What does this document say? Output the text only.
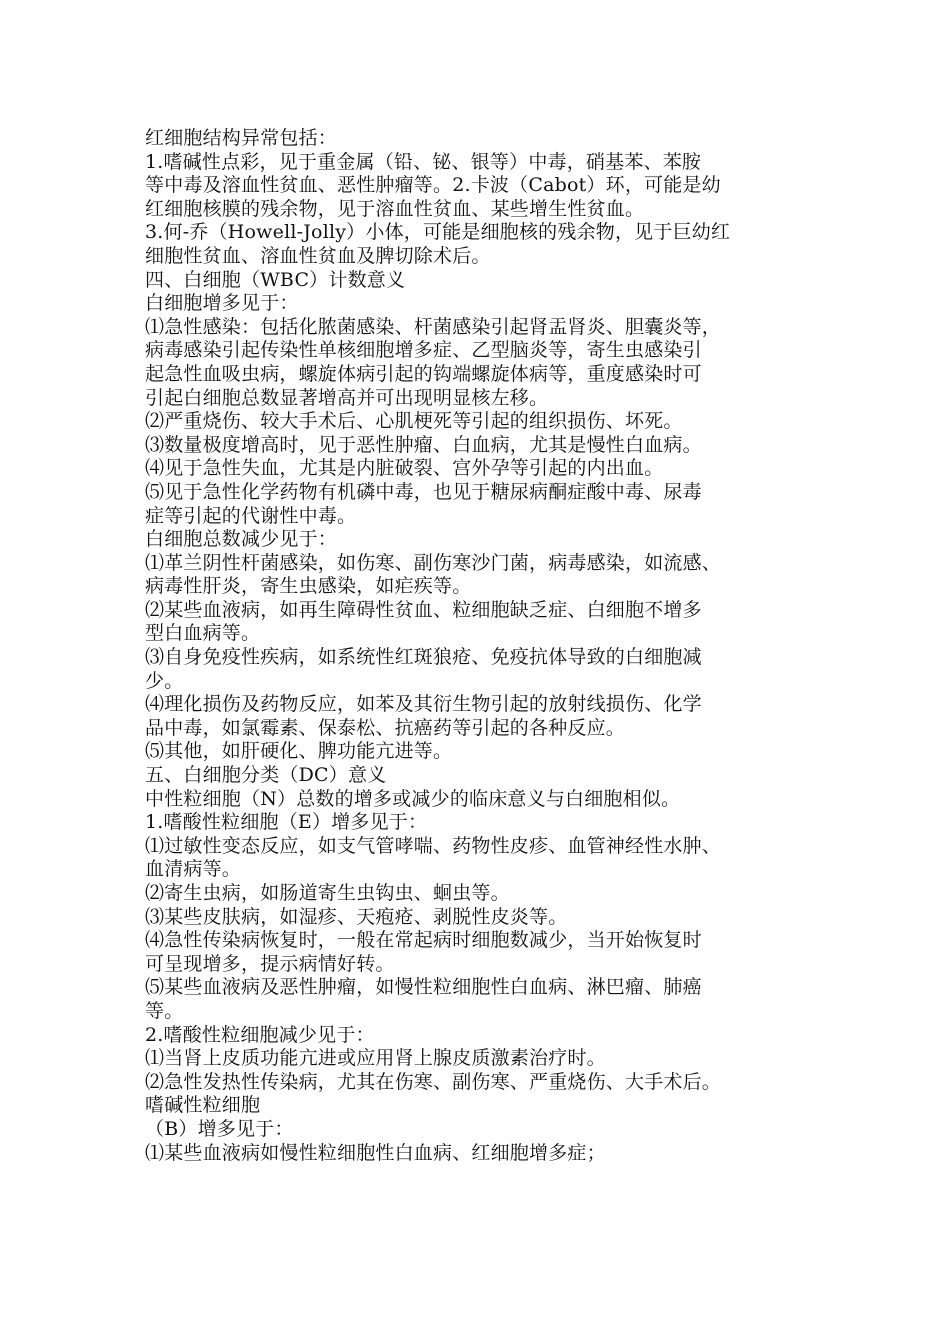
红细胞结构异常包括：
1.嗜碱性点彩，见于重金属（铅、铋、银等）中毒，硝基苯、苯胺
等中毒及溶血性贫血、恶性肿瘤等。2.卡波（Cabot）环，可能是幼
红细胞核膜的残余物，见于溶血性贫血、某些增生性贫血。
3.何-乔（Howell-Jolly）小体，可能是细胞核的残余物，见于巨幼红
细胞性贫血、溶血性贫血及脾切除术后。
四、白细胞（WBC）计数意义
白细胞增多见于：
⑴急性感染：包括化脓菌感染、杆菌感染引起肾盂肾炎、胆囊炎等，
病毒感染引起传染性单核细胞增多症、乙型脑炎等，寄生虫感染引
起急性血吸虫病，螺旋体病引起的钩端螺旋体病等，重度感染时可
引起白细胞总数显著增高并可出现明显核左移。
⑵严重烧伤、较大手术后、心肌梗死等引起的组织损伤、坏死。
⑶数量极度增高时，见于恶性肿瘤、白血病，尤其是慢性白血病。
⑷见于急性失血，尤其是内脏破裂、宫外孕等引起的内出血。
⑸见于急性化学药物有机磷中毒，也见于糖尿病酮症酸中毒、尿毒
症等引起的代谢性中毒。
白细胞总数减少见于：
⑴革兰阴性杆菌感染，如伤寒、副伤寒沙门菌，病毒感染，如流感、
病毒性肝炎，寄生虫感染，如疟疾等。
⑵某些血液病，如再生障碍性贫血、粒细胞缺乏症、白细胞不增多
型白血病等。
⑶自身免疫性疾病，如系统性红斑狼疮、免疫抗体导致的白细胞减
少。
⑷理化损伤及药物反应，如苯及其衍生物引起的放射线损伤、化学
品中毒，如氯霉素、保泰松、抗癌药等引起的各种反应。
⑸其他，如肝硬化、脾功能亢进等。
五、白细胞分类（DC）意义
中性粒细胞（N）总数的增多或减少的临床意义与白细胞相似。
1.嗜酸性粒细胞（E）增多见于：
⑴过敏性变态反应，如支气管哮喘、药物性皮疹、血管神经性水肿、
血清病等。
⑵寄生虫病，如肠道寄生虫钩虫、蛔虫等。
⑶某些皮肤病，如湿疹、天疱疮、剥脱性皮炎等。
⑷急性传染病恢复时，一般在常起病时细胞数减少，当开始恢复时
可呈现增多，提示病情好转。
⑸某些血液病及恶性肿瘤，如慢性粒细胞性白血病、淋巴瘤、肺癌
等。
2.嗜酸性粒细胞减少见于：
⑴当肾上皮质功能亢进或应用肾上腺皮质激素治疗时。
⑵急性发热性传染病，尤其在伤寒、副伤寒、严重烧伤、大手术后。
嗜碱性粒细胞
（B）增多见于：
⑴某些血液病如慢性粒细胞性白血病、红细胞增多症；
